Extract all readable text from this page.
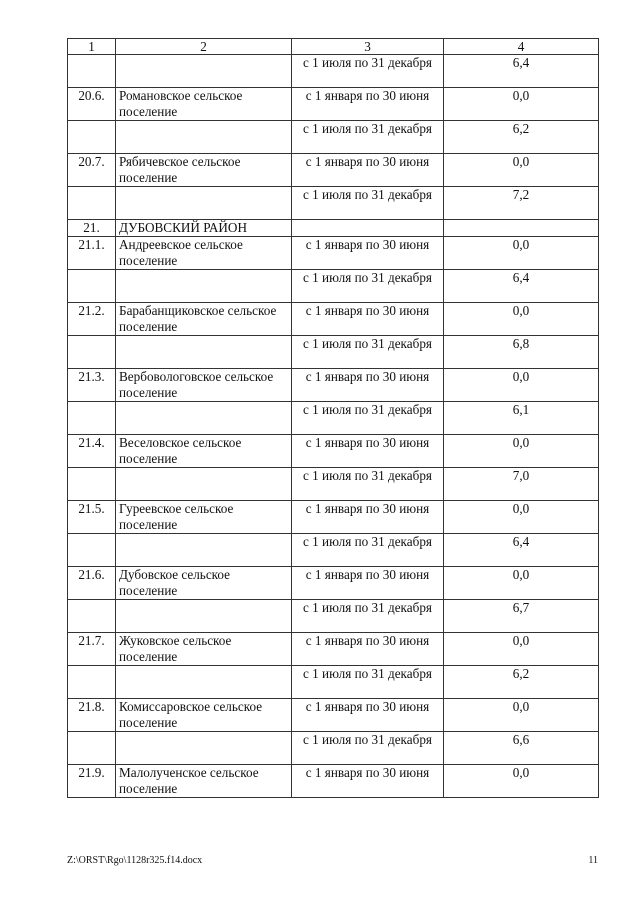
1	2	3	4
		с 1 июля по 31 декабря	6,4
20.6.	Романовское сельское поселение	с 1 января по 30 июня	0,0
		с 1 июля по 31 декабря	6,2
20.7.	Рябичевское сельское поселение	с 1 января по 30 июня	0,0
		с 1 июля по 31 декабря	7,2
21.	ДУБОВСКИЙ РАЙОН		
21.1.	Андреевское сельское поселение	с 1 января по 30 июня	0,0
		с 1 июля по 31 декабря	6,4
21.2.	Барабанщиковское сельское поселение	с 1 января по 30 июня	0,0
		с 1 июля по 31 декабря	6,8
21.3.	Вербовологовское сельское поселение	с 1 января по 30 июня	0,0
		с 1 июля по 31 декабря	6,1
21.4.	Веселовское сельское поселение	с 1 января по 30 июня	0,0
		с 1 июля по 31 декабря	7,0
21.5.	Гуреевское сельское поселение	с 1 января по 30 июня	0,0
		с 1 июля по 31 декабря	6,4
21.6.	Дубовское сельское поселение	с 1 января по 30 июня	0,0
		с 1 июля по 31 декабря	6,7
21.7.	Жуковское сельское поселение	с 1 января по 30 июня	0,0
		с 1 июля по 31 декабря	6,2
21.8.	Комиссаровское сельское поселение	с 1 января по 30 июня	0,0
		с 1 июля по 31 декабря	6,6
21.9.	Малолученское сельское поселение	с 1 января по 30 июня	0,0
Z:\ORST\Rgo\1128r325.f14.docx	11
